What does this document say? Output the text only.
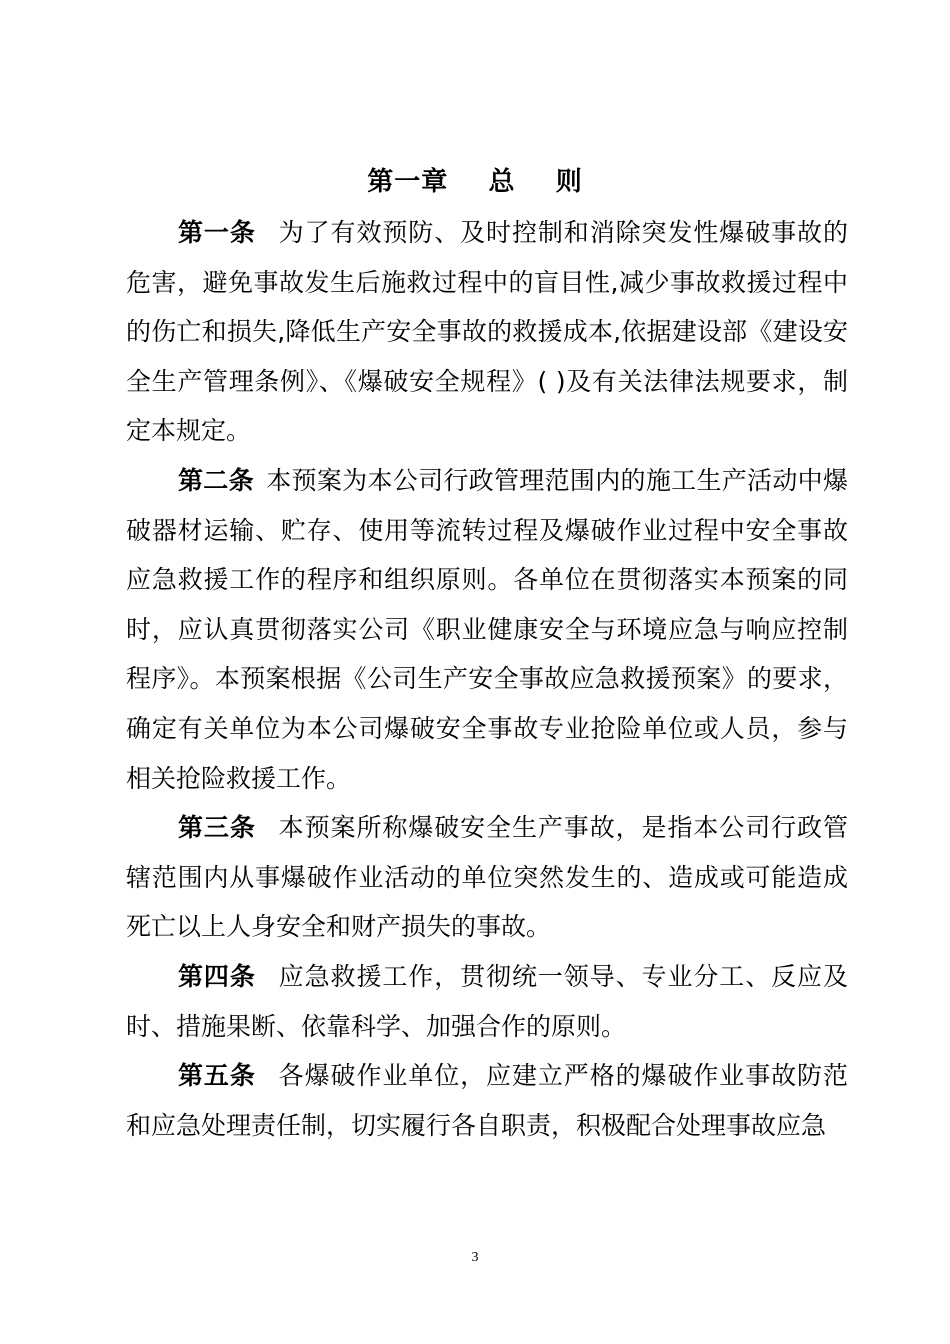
第一章    总    则

第一条 为了有效预防、及时控制和消除突发性爆破事故的危害，避免事故发生后施救过程中的盲目性,减少事故救援过程中的伤亡和损失,降低生产安全事故的救援成本,依据建设部《建设安全生产管理条例》、《爆破安全规程》( )及有关法律法规要求，制定本规定。

第二条 本预案为本公司行政管理范围内的施工生产活动中爆破器材运输、贮存、使用等流转过程及爆破作业过程中安全事故应急救援工作的程序和组织原则。各单位在贯彻落实本预案的同时，应认真贯彻落实公司《职业健康安全与环境应急与响应控制程序》。本预案根据《公司生产安全事故应急救援预案》的要求，确定有关单位为本公司爆破安全事故专业抢险单位或人员，参与相关抢险救援工作。

第三条 本预案所称爆破安全生产事故，是指本公司行政管辖范围内从事爆破作业活动的单位突然发生的、造成或可能造成死亡以上人身安全和财产损失的事故。

第四条 应急救援工作，贯彻统一领导、专业分工、反应及时、措施果断、依靠科学、加强合作的原则。

第五条 各爆破作业单位，应建立严格的爆破作业事故防范和应急处理责任制，切实履行各自职责，积极配合处理事故应急

3
